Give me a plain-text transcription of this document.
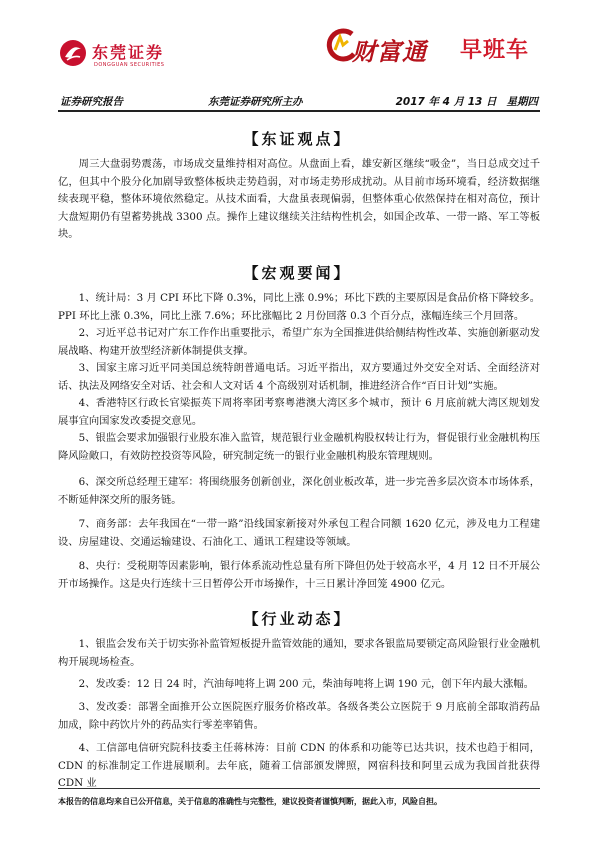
东莞证券
DONGGUAN SECURITIES	财富通 早班车
证券研究报告	东莞证券研究所主办	2017 年 4 月 13 日 星期四
【东证观点】
周三大盘弱势震荡，市场成交量维持相对高位。从盘面上看，雄安新区继续“吸金”，当日总成交过千亿，但其中个股分化加剧导致整体板块走势趋弱，对市场走势形成扰动。从目前市场环境看，经济数据继续表现平稳，整体环境依然稳定。从技术面看，大盘虽表现偏弱，但整体重心依然保持在相对高位，预计大盘短期仍有望蓄势挑战 3300 点。操作上建议继续关注结构性机会，如国企改革、一带一路、军工等板块。
【宏观要闻】
1、统计局：3 月 CPI 环比下降 0.3%，同比上涨 0.9%；环比下跌的主要原因是食品价格下降较多。PPI 环比上涨 0.3%，同比上涨 7.6%；环比涨幅比 2 月份回落 0.3 个百分点，涨幅连续三个月回落。
2、习近平总书记对广东工作作出重要批示，希望广东为全国推进供给侧结构性改革、实施创新驱动发展战略、构建开放型经济新体制提供支撑。
3、国家主席习近平同美国总统特朗普通电话。习近平指出，双方要通过外交安全对话、全面经济对话、执法及网络安全对话、社会和人文对话 4 个高级别对话机制，推进经济合作“百日计划”实施。
4、香港特区行政长官梁振英下周将率团考察粤港澳大湾区多个城市，预计 6 月底前就大湾区规划发展事宜向国家发改委提交意见。
5、银监会要求加强银行业股东准入监管，规范银行业金融机构股权转让行为，督促银行业金融机构压降风险敞口，有效防控投资等风险，研究制定统一的银行业金融机构股东管理规则。
6、深交所总经理王建军：将围绕服务创新创业，深化创业板改革，进一步完善多层次资本市场体系，不断延伸深交所的服务链。
7、商务部：去年我国在“一带一路”沿线国家新接对外承包工程合同额 1620 亿元，涉及电力工程建设、房屋建设、交通运输建设、石油化工、通讯工程建设等领域。
8、央行：受税期等因素影响，银行体系流动性总量有所下降但仍处于较高水平，4 月 12 日不开展公开市场操作。这是央行连续十三日暂停公开市场操作，十三日累计净回笼 4900 亿元。
【行业动态】
1、银监会发布关于切实弥补监管短板提升监管效能的通知，要求各银监局要锁定高风险银行业金融机构开展现场检查。
2、发改委：12 日 24 时，汽油每吨将上调 200 元，柴油每吨将上调 190 元，创下年内最大涨幅。
3、发改委：部署全面推开公立医院医疗服务价格改革。各级各类公立医院于 9 月底前全部取消药品加成，除中药饮片外的药品实行零差率销售。
4、工信部电信研究院科技委主任蒋林涛：目前 CDN 的体系和功能等已达共识，技术也趋于相同，CDN 的标准制定工作进展顺利。去年底，随着工信部颁发牌照，网宿科技和阿里云成为我国首批获得 CDN 业
本报告的信息均来自已公开信息，关于信息的准确性与完整性，建议投资者谨慎判断，据此入市，风险自担。
